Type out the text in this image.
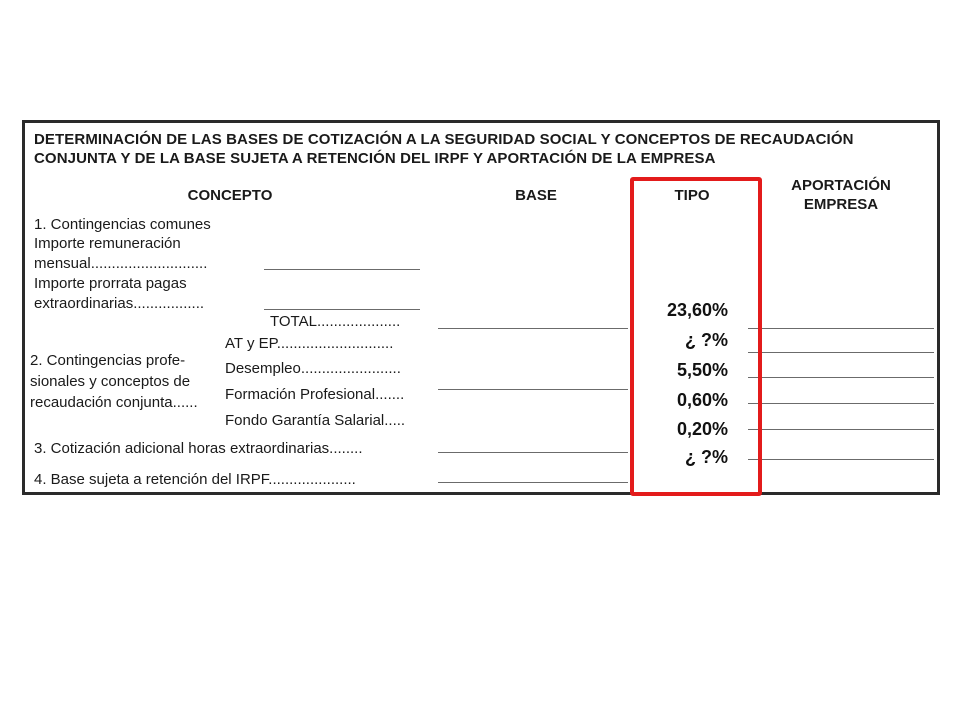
DETERMINACIÓN DE LAS BASES DE COTIZACIÓN A LA SEGURIDAD SOCIAL Y CONCEPTOS DE RECAUDACIÓN
CONJUNTA Y DE LA BASE SUJETA A RETENCIÓN DEL IRPF Y APORTACIÓN DE LA EMPRESA
CONCEPTO	BASE	TIPO
APORTACIÓN
EMPRESA
1. Contingencias comunes
Importe remuneración
mensual............................
Importe prorrata pagas
extraordinarias.................
TOTAL....................
2. Contingencias profe-
sionales y conceptos de
recaudación conjunta......
AT y EP............................
Desempleo........................
Formación Profesional.......
Fondo Garantía Salarial.....
3. Cotización adicional horas extraordinarias........
4. Base sujeta a retención del IRPF.....................
23,60%
¿ ?%
5,50%
0,60%
0,20%
¿ ?%
